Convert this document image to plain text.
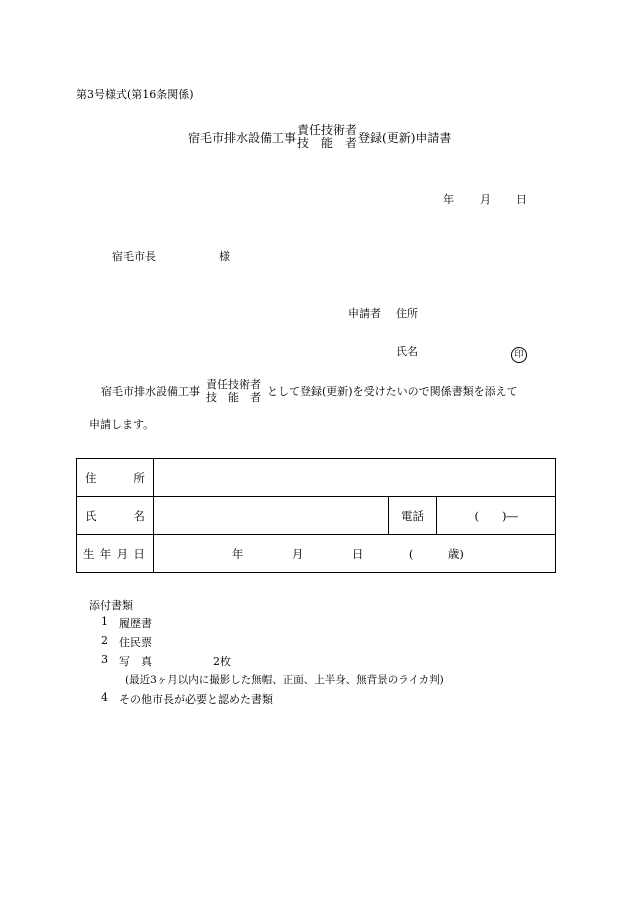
第3号様式(第16条関係)
宿毛市排水設備工事
責任技術者
技　能　者 登録(更新)申請書
年 月 日
宿毛市長	様
申請者 住所
氏名	印
宿毛市排水設備工事
責任技術者
技　能　者 として登録(更新)を受けたいので関係書類を添えて
申請します。
住 所			

氏 名		電話	(　　)―

生 年 月 日	年 月 日 (　　　歳)		
添付書類
1 履歴書
2 住民票
3 写　真	2枚
(最近3ヶ月以内に撮影した無帽、正面、上半身、無背景のライカ判)
4 その他市長が必要と認めた書類
